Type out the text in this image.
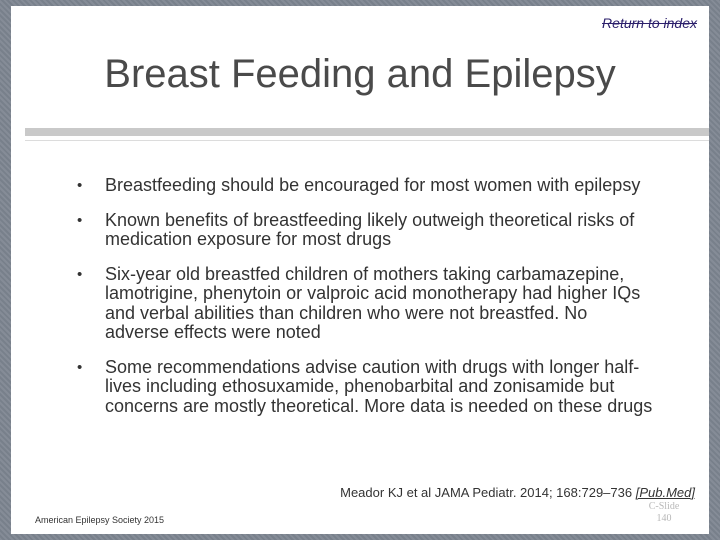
Return to index
Breast Feeding and Epilepsy
• Breastfeeding should be encouraged for most women with epilepsy
• Known benefits of breastfeeding likely outweigh theoretical risks of medication exposure for most drugs
• Six-year old breastfed children of mothers taking carbamazepine, lamotrigine, phenytoin or valproic acid monotherapy had higher IQs and verbal abilities than children who were not breastfed. No adverse effects were noted
• Some recommendations advise caution with drugs with longer half-lives including ethosuxamide, phenobarbital and zonisamide but concerns are mostly theoretical. More data is needed on these drugs
Meador KJ et al JAMA Pediatr. 2014; 168:729–736 [Pub.Med]
American Epilepsy Society 2015
C-Slide
140
